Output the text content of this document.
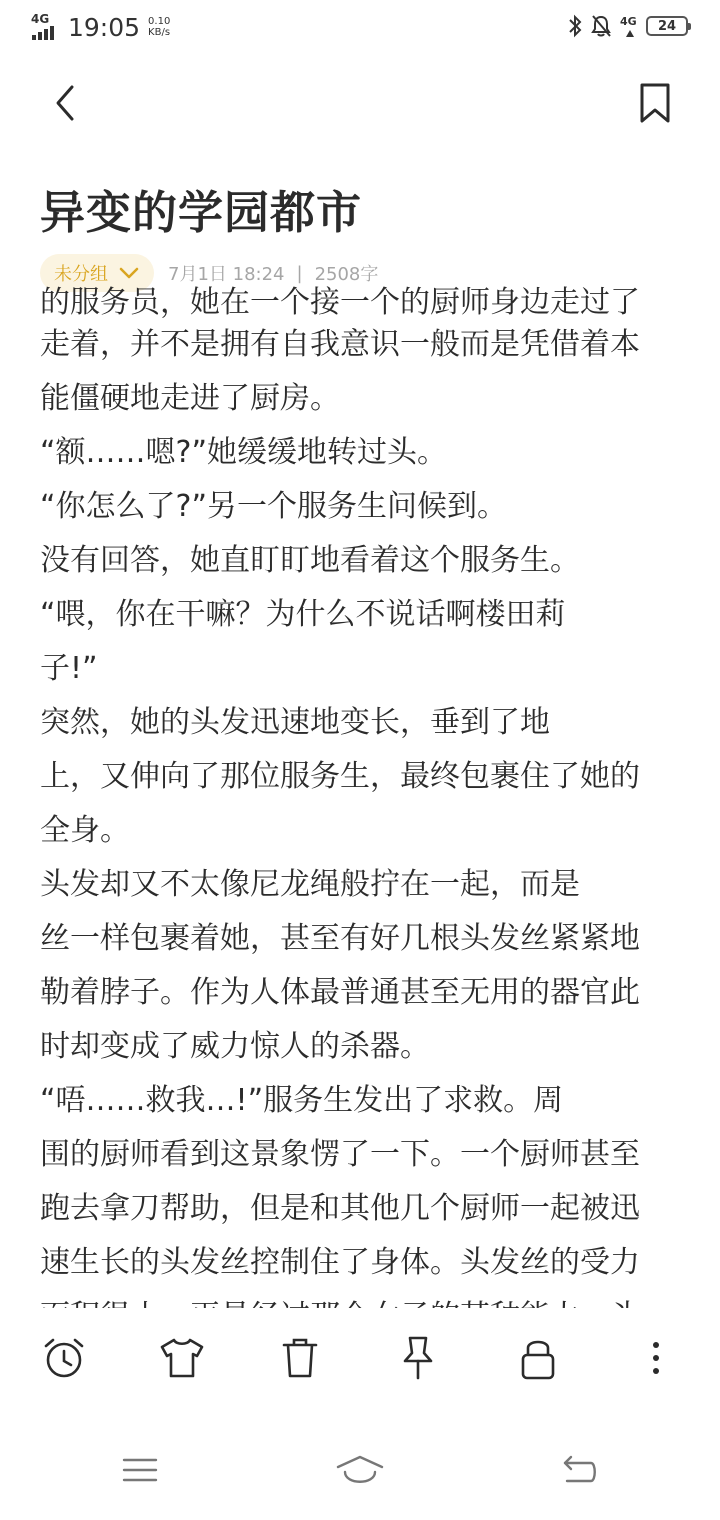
4G 19:05 0.10
KB/s
4G 24
异变的学园都市
未分组	7月1日 18:24 | 2508字
的服务员，她在一个接一个的厨师身边走过了
走着，并不是拥有自我意识一般而是凭借着本
能僵硬地走进了厨房。
“额……嗯?”她缓缓地转过头。
“你怎么了?”另一个服务生问候到。
没有回答，她直盯盯地看着这个服务生。
“喂，你在干嘛？为什么不说话啊楼田莉
子!”
突然，她的头发迅速地变长，垂到了地
上，又伸向了那位服务生，最终包裹住了她的
全身。
头发却又不太像尼龙绳般拧在一起，而是
丝一样包裹着她，甚至有好几根头发丝紧紧地
勒着脖子。作为人体最普通甚至无用的器官此
时却变成了威力惊人的杀器。
“唔……救我…!”服务生发出了求救。周
围的厨师看到这景象愣了一下。一个厨师甚至
跑去拿刀帮助，但是和其他几个厨师一起被迅
速生长的头发丝控制住了身体。头发丝的受力
